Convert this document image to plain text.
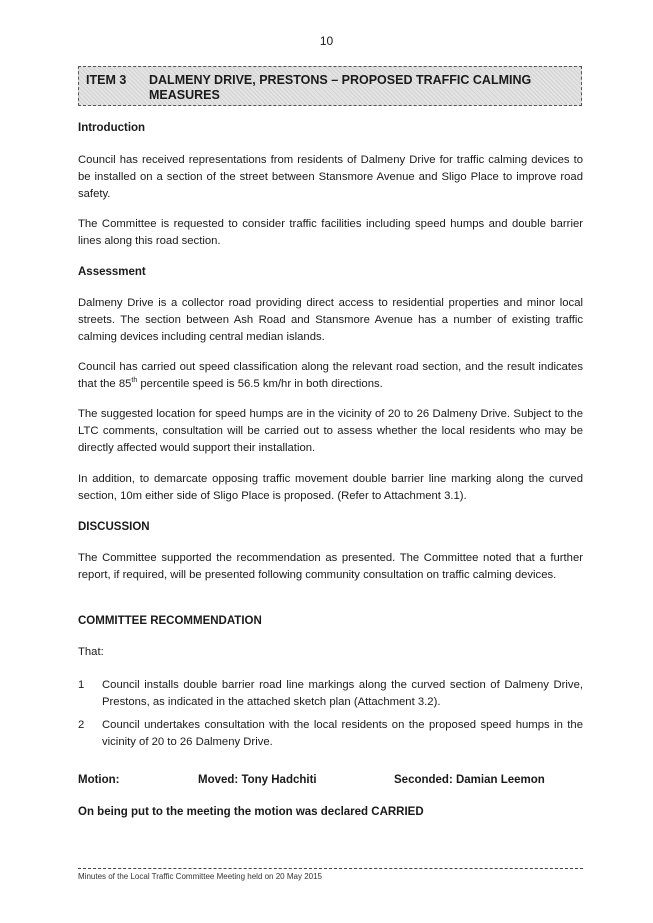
10
ITEM 3 DALMENY DRIVE, PRESTONS – PROPOSED TRAFFIC CALMING MEASURES
Introduction

Council has received representations from residents of Dalmeny Drive for traffic calming devices to be installed on a section of the street between Stansmore Avenue and Sligo Place to improve road safety.

The Committee is requested to consider traffic facilities including speed humps and double barrier lines along this road section.

Assessment

Dalmeny Drive is a collector road providing direct access to residential properties and minor local streets. The section between Ash Road and Stansmore Avenue has a number of existing traffic calming devices including central median islands.

Council has carried out speed classification along the relevant road section, and the result indicates that the 85th percentile speed is 56.5 km/hr in both directions.

The suggested location for speed humps are in the vicinity of 20 to 26 Dalmeny Drive. Subject to the LTC comments, consultation will be carried out to assess whether the local residents who may be directly affected would support their installation.

In addition, to demarcate opposing traffic movement double barrier line marking along the curved section, 10m either side of Sligo Place is proposed. (Refer to Attachment 3.1).

DISCUSSION

The Committee supported the recommendation as presented. The Committee noted that a further report, if required, will be presented following community consultation on traffic calming devices.

COMMITTEE RECOMMENDATION

That:

1 Council installs double barrier road line markings along the curved section of Dalmeny Drive, Prestons, as indicated in the attached sketch plan (Attachment 3.2).
2 Council undertakes consultation with the local residents on the proposed speed humps in the vicinity of 20 to 26 Dalmeny Drive.
Motion:	Moved: Tony Hadchiti	Seconded: Damian Leemon
On being put to the meeting the motion was declared CARRIED
Minutes of the Local Traffic Committee Meeting held on 20 May 2015
